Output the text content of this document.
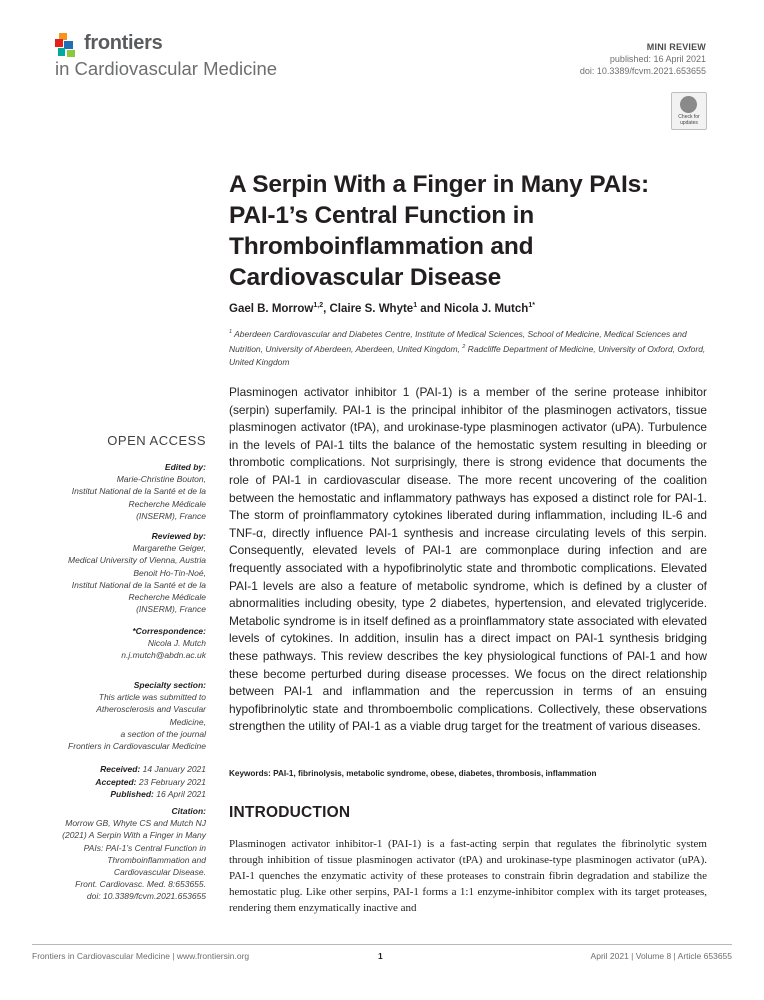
frontiers
in Cardiovascular Medicine
MINI REVIEW
published: 16 April 2021
doi: 10.3389/fcvm.2021.653655
Check for updates
A Serpin With a Finger in Many PAIs:
PAI-1’s Central Function in
Thromboinflammation and
Cardiovascular Disease
Gael B. Morrow$^{1,2}$, Claire S. Whyte$^1$ and Nicola J. Mutch$^{1*}$
$^1$ Aberdeen Cardiovascular and Diabetes Centre, Institute of Medical Sciences, School of Medicine, Medical Sciences and Nutrition, University of Aberdeen, Aberdeen, United Kingdom, $^2$ Radcliffe Department of Medicine, University of Oxford, Oxford, United Kingdom
Plasminogen activator inhibitor 1 (PAI-1) is a member of the serine protease inhibitor (serpin) superfamily. PAI-1 is the principal inhibitor of the plasminogen activators, tissue plasminogen activator (tPA), and urokinase-type plasminogen activator (uPA). Turbulence in the levels of PAI-1 tilts the balance of the hemostatic system resulting in bleeding or thrombotic complications. Not surprisingly, there is strong evidence that documents the role of PAI-1 in cardiovascular disease. The more recent uncovering of the coalition between the hemostatic and inflammatory pathways has exposed a distinct role for PAI-1. The storm of proinflammatory cytokines liberated during inflammation, including IL-6 and TNF-α, directly influence PAI-1 synthesis and increase circulating levels of this serpin. Consequently, elevated levels of PAI-1 are commonplace during infection and are frequently associated with a hypofibrinolytic state and thrombotic complications. Elevated PAI-1 levels are also a feature of metabolic syndrome, which is defined by a cluster of abnormalities including obesity, type 2 diabetes, hypertension, and elevated triglyceride. Metabolic syndrome is in itself defined as a proinflammatory state associated with elevated levels of cytokines. In addition, insulin has a direct impact on PAI-1 synthesis bridging these pathways. This review describes the key physiological functions of PAI-1 and how these become perturbed during disease processes. We focus on the direct relationship between PAI-1 and inflammation and the repercussion in terms of an ensuing hypofibrinolytic state and thromboembolic complications. Collectively, these observations strengthen the utility of PAI-1 as a viable drug target for the treatment of various diseases.
Keywords: PAI-1, fibrinolysis, metabolic syndrome, obese, diabetes, thrombosis, inflammation
INTRODUCTION
Plasminogen activator inhibitor-1 (PAI-1) is a fast-acting serpin that regulates the fibrinolytic system through inhibition of tissue plasminogen activator (tPA) and urokinase-type plasminogen activator (uPA). PAI-1 quenches the enzymatic activity of these proteases to constrain fibrin degradation and stabilize the hemostatic plug. Like other serpins, PAI-1 forms a 1:1 enzyme-inhibitor complex with its target proteases, rendering them enzymatically inactive and
OPEN ACCESS
Edited by:
Marie-Christine Bouton,
Institut National de la Santé et de la
Recherche Médicale
(INSERM), France
Reviewed by:
Margarethe Geiger,
Medical University of Vienna, Austria
Benoit Ho-Tin-Noé,
Institut National de la Santé et de la
Recherche Médicale
(INSERM), France
*Correspondence:
Nicola J. Mutch
n.j.mutch@abdn.ac.uk
Specialty section:
This article was submitted to
Atherosclerosis and Vascular
Medicine,
a section of the journal
Frontiers in Cardiovascular Medicine
Received: 14 January 2021
Accepted: 23 February 2021
Published: 16 April 2021
Citation:
Morrow GB, Whyte CS and Mutch NJ
(2021) A Serpin With a Finger in Many
PAIs: PAI-1’s Central Function in
Thromboinflammation and
Cardiovascular Disease.
Front. Cardiovasc. Med. 8:653655.
doi: 10.3389/fcvm.2021.653655
Frontiers in Cardiovascular Medicine | www.frontiersin.org	1	April 2021 | Volume 8 | Article 653655
